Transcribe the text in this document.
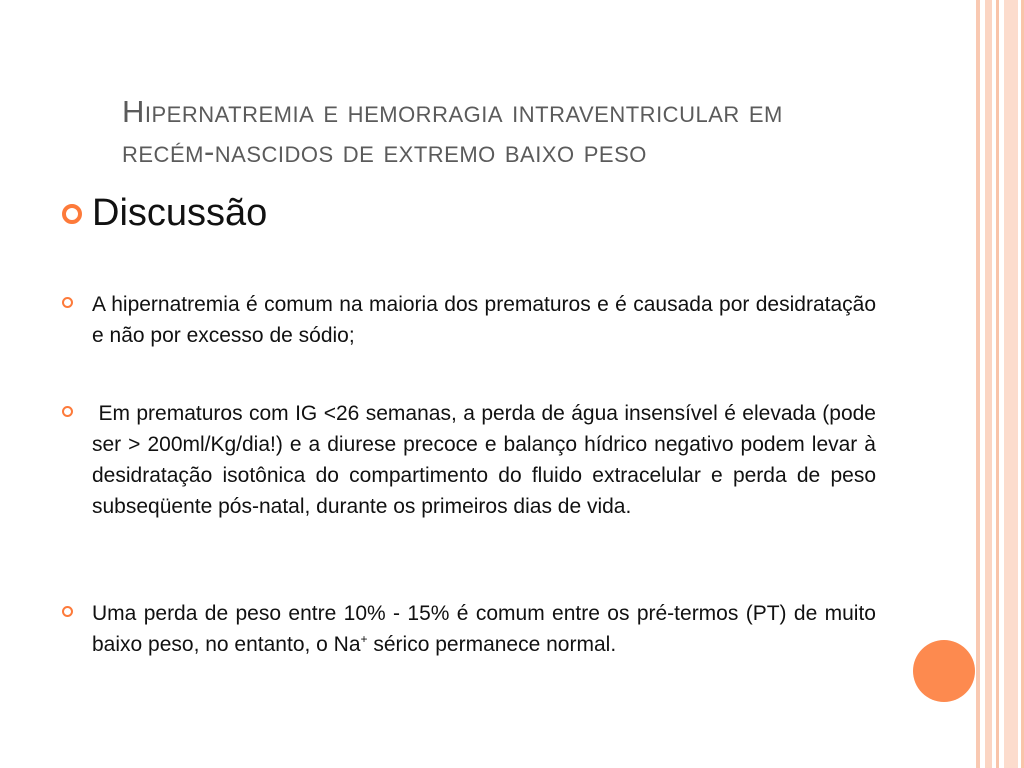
Hipernatremia e hemorragia intraventricular em recém-nascidos de extremo baixo peso
Discussão
A hipernatremia é comum na maioria dos prematuros e é causada por desidratação e não por excesso de sódio;
Em prematuros com IG <26 semanas, a perda de água insensível é elevada (pode ser > 200ml/Kg/dia!) e a diurese precoce e balanço hídrico negativo podem levar à desidratação isotônica do compartimento do fluido extracelular e perda de peso subseqüente pós-natal, durante os primeiros dias de vida.
Uma perda de peso entre 10% - 15% é comum entre os pré-termos (PT) de muito baixo peso, no entanto, o Na+ sérico permanece normal.
